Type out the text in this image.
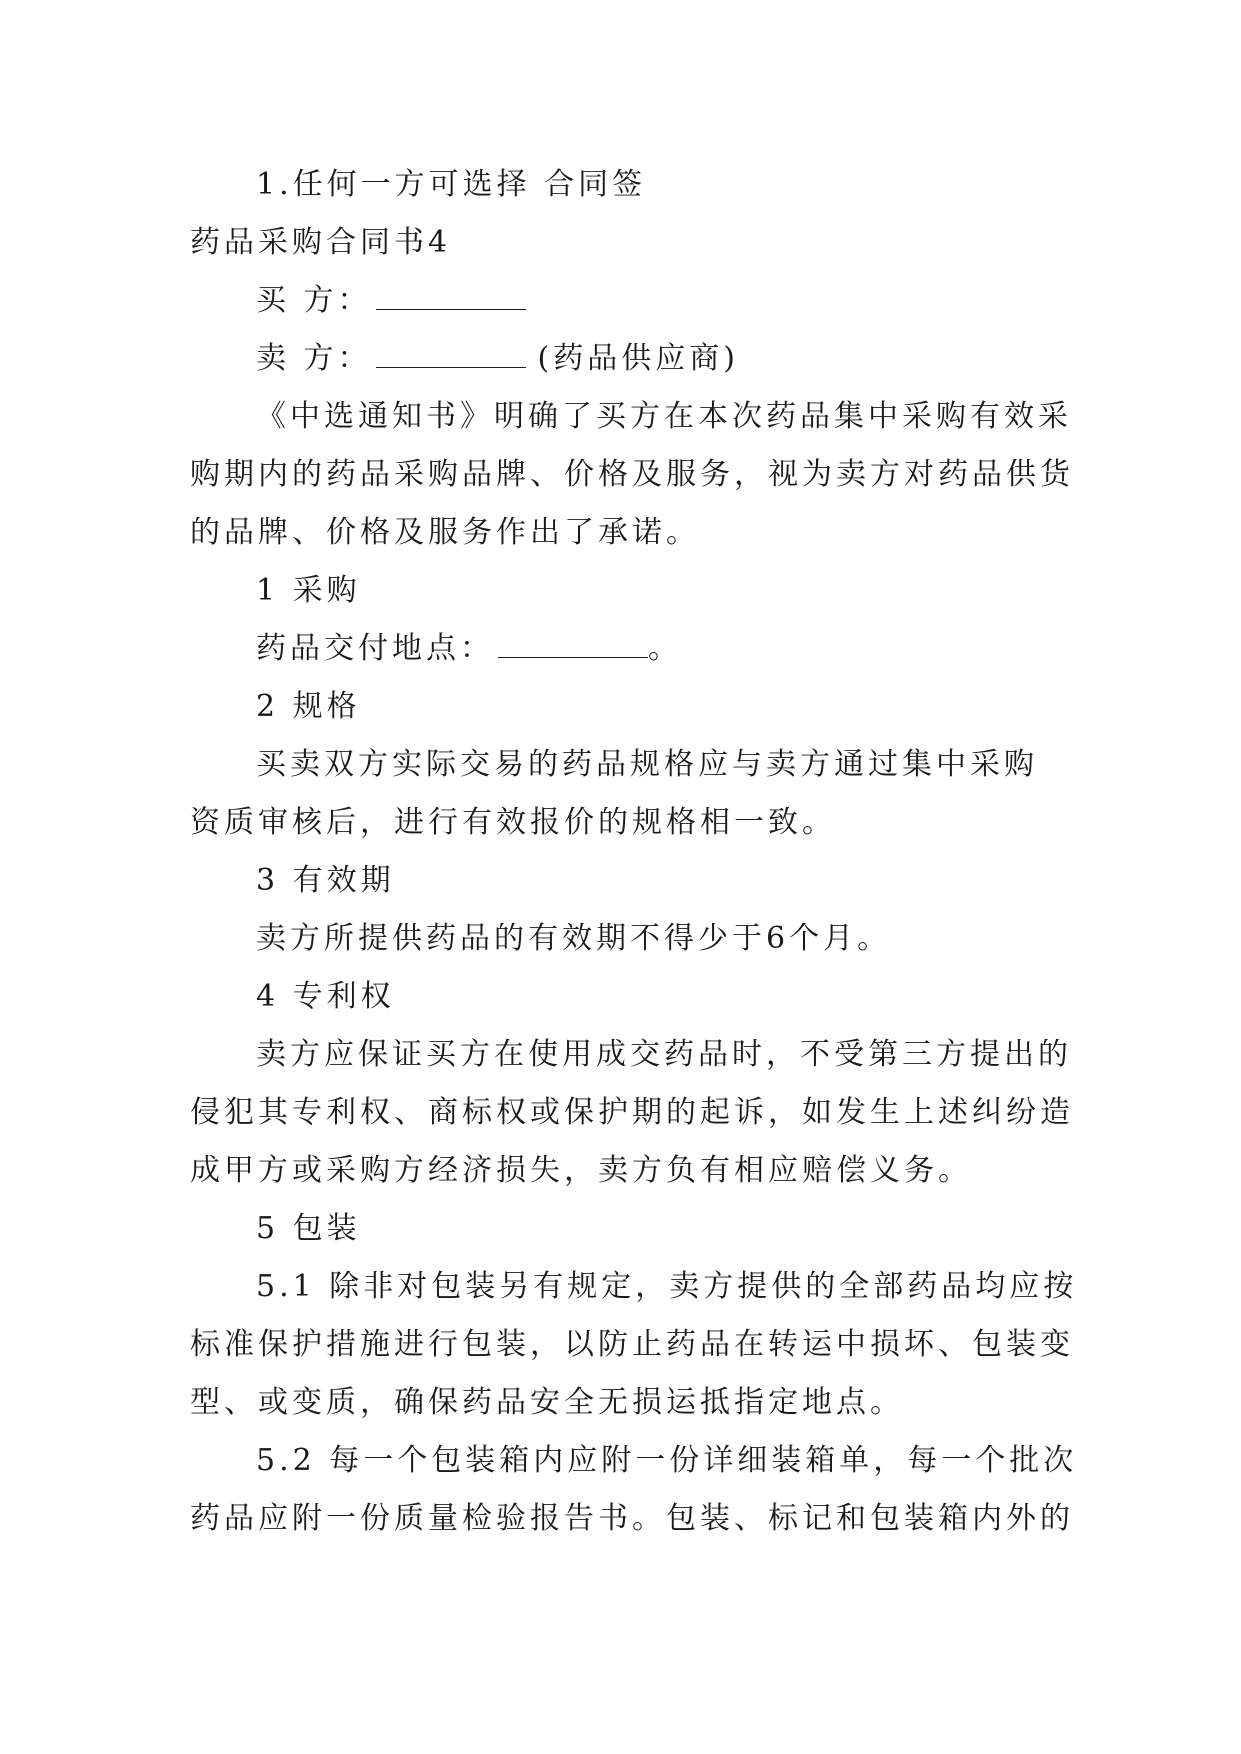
1.任何一方可选择 合同签
药品采购合同书4
买 方：
卖 方：	(药品供应商)
《中选通知书》明确了买方在本次药品集中采购有效采
购期内的药品采购品牌、价格及服务，视为卖方对药品供货
的品牌、价格及服务作出了承诺。
1 采购
药品交付地点：	。
2 规格
买卖双方实际交易的药品规格应与卖方通过集中采购
资质审核后，进行有效报价的规格相一致。
3 有效期
卖方所提供药品的有效期不得少于6个月。
4 专利权
卖方应保证买方在使用成交药品时，不受第三方提出的
侵犯其专利权、商标权或保护期的起诉，如发生上述纠纷造
成甲方或采购方经济损失，卖方负有相应赔偿义务。
5 包装
5.1 除非对包装另有规定，卖方提供的全部药品均应按
标准保护措施进行包装，以防止药品在转运中损坏、包装变
型、或变质，确保药品安全无损运抵指定地点。
5.2 每一个包装箱内应附一份详细装箱单，每一个批次
药品应附一份质量检验报告书。包装、标记和包装箱内外的
